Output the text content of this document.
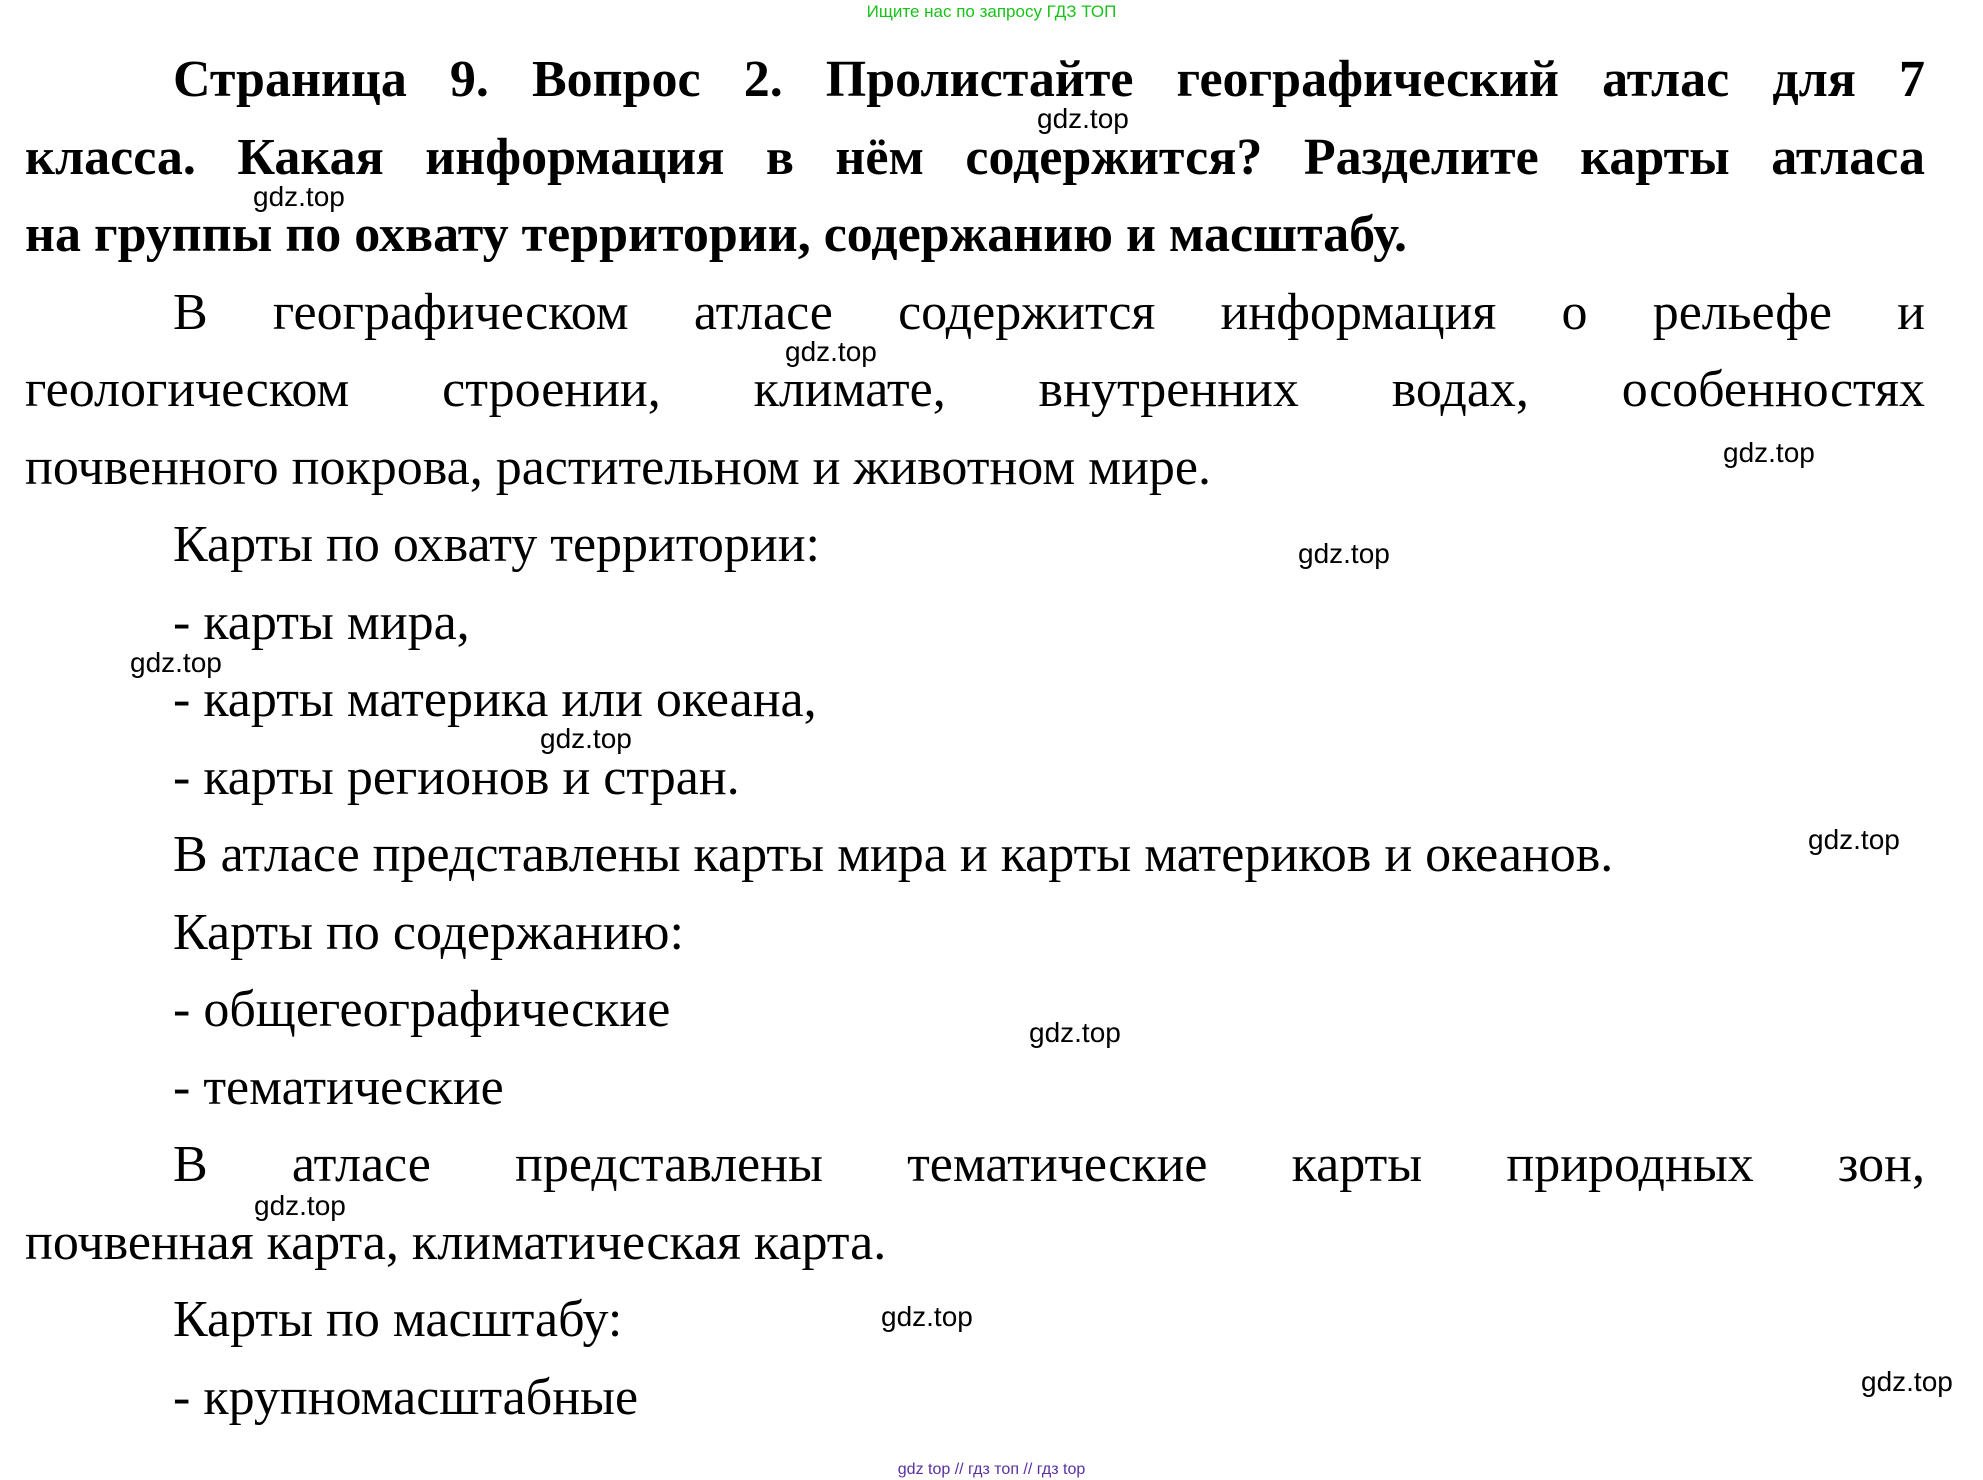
Ищите нас по запросу ГДЗ ТОП
Страница 9. Вопрос 2. Пролистайте географический атлас для 7
класса. Какая информация в нём содержится? Разделите карты атласа
на группы по охвату территории, содержанию и масштабу.
В географическом атласе содержится информация о рельефе и
геологическом строении, климате, внутренних водах, особенностях
почвенного покрова, растительном и животном мире.
Карты по охвату территории:
- карты мира,
- карты материка или океана,
- карты регионов и стран.
В атласе представлены карты мира и карты материков и океанов.
Карты по содержанию:
- общегеографические
- тематические
В атласе представлены тематические карты природных зон,
почвенная карта, климатическая карта.
Карты по масштабу:
- крупномасштабные
gdz.top
gdz.top
gdz.top
gdz.top
gdz.top
gdz.top
gdz.top
gdz.top
gdz.top
gdz.top
gdz.top
gdz.top
gdz top // гдз топ // гдз top
